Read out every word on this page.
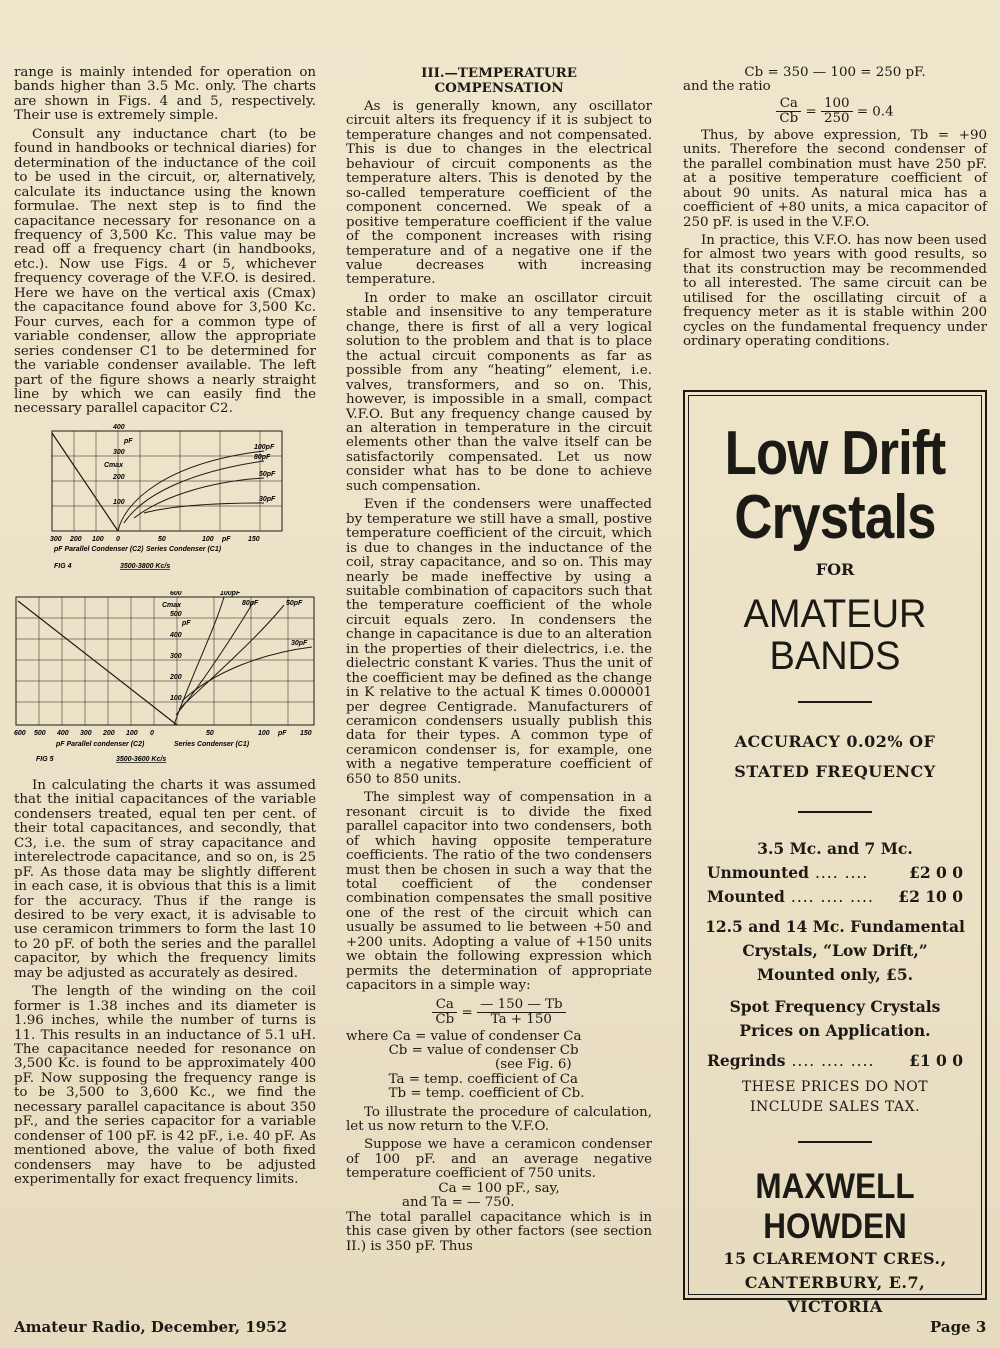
range is mainly intended for operation on bands higher than 3.5 Mc. only. The charts are shown in Figs. 4 and 5, respectively. Their use is extremely simple.

Consult any inductance chart (to be found in handbooks or technical diaries) for determination of the inductance of the coil to be used in the circuit, or, alternatively, calculate its inductance using the known formulae. The next step is to find the capacitance necessary for resonance on a frequency of 3,500 Kc. This value may be read off a frequency chart (in handbooks, etc.). Now use Figs. 4 or 5, whichever frequency coverage of the V.F.O. is desired. Here we have on the vertical axis (Cmax) the capacitance found above for 3,500 Kc. Four curves, each for a common type of variable condenser, allow the appropriate series condenser C1 to be determined for the variable condenser available. The left part of the figure shows a nearly straight line by which we can easily find the necessary parallel capacitor C2.

400
300
200
100
pF
Cmax
100pF
80pF
50pF
30pF
300 200 100 0	50	100 pF 150
pF Parallel Condenser (C2) Series Condenser (C1)
FIG 4	3500-3800 Kc/s
600
500
400
300
200
100
pF
Cmax
100pF
80pF	50pF
30pF
600 500 400 300 200 100 0	50	100 pF 150
pF Parallel condenser (C2)	Series Condenser (C1)
FIG 5	3500-3600 Kc/s

In calculating the charts it was assumed that the initial capacitances of the variable condensers treated, equal ten per cent. of their total capacitances, and secondly, that C3, i.e. the sum of stray capacitance and interelectrode capacitance, and so on, is 25 pF. As those data may be slightly different in each case, it is obvious that this is a limit for the accuracy. Thus if the range is desired to be very exact, it is advisable to use ceramicon trimmers to form the last 10 to 20 pF. of both the series and the parallel capacitor, by which the frequency limits may be adjusted as accurately as desired.

The length of the winding on the coil former is 1.38 inches and its diameter is 1.96 inches, while the number of turns is 11. This results in an inductance of 5.1 uH. The capacitance needed for resonance on 3,500 Kc. is found to be approximately 400 pF. Now supposing the frequency range is to be 3,500 to 3,600 Kc., we find the necessary parallel capacitance is about 350 pF., and the series capacitor for a variable condenser of 100 pF. is 42 pF., i.e. 40 pF. As mentioned above, the value of both fixed condensers may have to be adjusted experimentally for exact frequency limits.

III.—TEMPERATURE
COMPENSATION

As is generally known, any oscillator circuit alters its frequency if it is subject to temperature changes and not compensated. This is due to changes in the electrical behaviour of circuit components as the temperature alters. This is denoted by the so-called temperature coefficient of the component concerned. We speak of a positive temperature coefficient if the value of the component increases with rising temperature and of a negative one if the value decreases with increasing temperature.

In order to make an oscillator circuit stable and insensitive to any temperature change, there is first of all a very logical solution to the problem and that is to place the actual circuit components as far as possible from any “heating” element, i.e. valves, transformers, and so on. This, however, is impossible in a small, compact V.F.O. But any frequency change caused by an alteration in temperature in the circuit elements other than the valve itself can be satisfactorily compensated. Let us now consider what has to be done to achieve such compensation.

Even if the condensers were unaffected by temperature we still have a small, postive temperature coefficient of the circuit, which is due to changes in the inductance of the coil, stray capacitance, and so on. This may nearly be made ineffective by using a suitable combination of capacitors such that the temperature coefficient of the whole circuit equals zero. In condensers the change in capacitance is due to an alteration in the properties of their dielectrics, i.e. the dielectric constant K varies. Thus the unit of the coefficient may be defined as the change in K relative to the actual K times 0.000001 per degree Centigrade. Manufacturers of ceramicon condensers usually publish this data for their types. A common type of ceramicon condenser is, for example, one with a negative temperature coefficient of 650 to 850 units.

The simplest way of compensation in a resonant circuit is to divide the fixed parallel capacitor into two condensers, both of which having opposite temperature coefficients. The ratio of the two condensers must then be chosen in such a way that the total coefficient of the condenser combination compensates the small positive one of the rest of the circuit which can usually be assumed to lie between +50 and +200 units. Adopting a value of +150 units we obtain the following expression which permits the determination of appropriate capacitors in a simple way:

$\frac{Ca}{Cb} = \frac{— 150 — Tb}{Ta + 150}$
where Ca = value of condenser Ca
Cb = value of condenser Cb
(see Fig. 6)
Ta = temp. coefficient of Ca
Tb = temp. coefficient of Cb.

To illustrate the procedure of calculation, let us now return to the V.F.O.

Suppose we have a ceramicon condenser of 100 pF. and an average negative temperature coefficient of 750 units.

Ca = 100 pF., say,
and Ta = — 750.

The total parallel capacitance which is in this case given by other factors (see section II.) is 350 pF. Thus

Cb = 350 — 100 = 250 pF.
and the ratio
$\frac{Ca}{Cb} = \frac{100}{250} = 0.4$

Thus, by above expression, Tb = +90 units. Therefore the second condenser of the parallel combination must have 250 pF. at a positive temperature coefficient of about 90 units. As natural mica has a coefficient of +80 units, a mica capacitor of 250 pF. is used in the V.F.O.

In practice, this V.F.O. has now been used for almost two years with good results, so that its construction may be recommended to all interested. The same circuit can be utilised for the oscillating circuit of a frequency meter as it is stable within 200 cycles on the fundamental frequency under ordinary operating conditions.

Low Drift
Crystals
FOR
AMATEUR
BANDS
ACCURACY 0.02% OF
STATED FREQUENCY
3.5 Mc. and 7 Mc.
Unmounted .... ....	£2 0 0
Mounted .... .... ....	£2 10 0
12.5 and 14 Mc. Fundamental
Crystals, “Low Drift,”
Mounted only, £5.
Spot Frequency Crystals
Prices on Application.
Regrinds .... .... ....	£1 0 0
THESE PRICES DO NOT
INCLUDE SALES TAX.
MAXWELL HOWDEN
15 CLAREMONT CRES.,
CANTERBURY, E.7,
VICTORIA
Amateur Radio, December, 1952	Page 3
